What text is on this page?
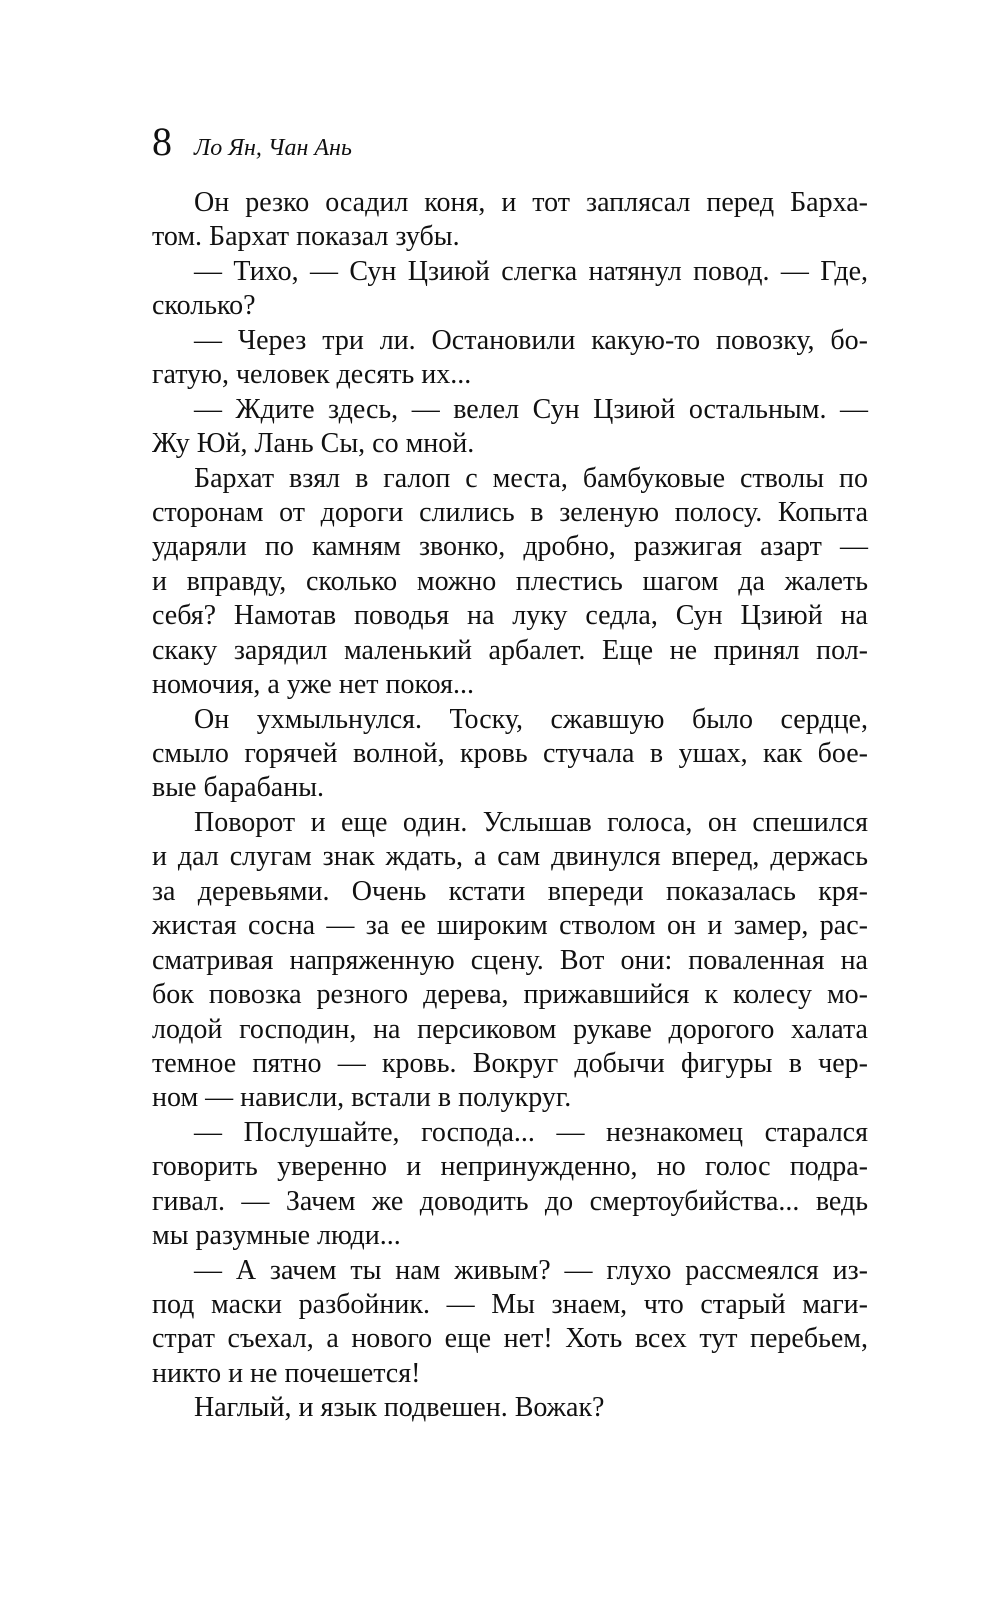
8 Ло Ян, Чан Ань
Он резко осадил коня, и тот заплясал перед Барха-
том. Бархат показал зубы.
— Тихо, — Сун Цзиюй слегка натянул повод. — Где,
сколько?
— Через три ли. Остановили какую-то повозку, бо-
гатую, человек десять их...
— Ждите здесь, — велел Сун Цзиюй остальным. —
Жу Юй, Лань Сы, со мной.
Бархат взял в галоп с места, бамбуковые стволы по
сторонам от дороги слились в зеленую полосу. Копыта
ударяли по камням звонко, дробно, разжигая азарт —
и вправду, сколько можно плестись шагом да жалеть
себя? Намотав поводья на луку седла, Сун Цзиюй на
скаку зарядил маленький арбалет. Еще не принял пол-
номочия, а уже нет покоя...
Он ухмыльнулся. Тоску, сжавшую было сердце,
смыло горячей волной, кровь стучала в ушах, как бое-
вые барабаны.
Поворот и еще один. Услышав голоса, он спешился
и дал слугам знак ждать, а сам двинулся вперед, держась
за деревьями. Очень кстати впереди показалась кря-
жистая сосна — за ее широким стволом он и замер, рас-
сматривая напряженную сцену. Вот они: поваленная на
бок повозка резного дерева, прижавшийся к колесу мо-
лодой господин, на персиковом рукаве дорогого халата
темное пятно — кровь. Вокруг добычи фигуры в чер-
ном — нависли, встали в полукруг.
— Послушайте, господа... — незнакомец старался
говорить уверенно и непринужденно, но голос подра-
гивал. — Зачем же доводить до смертоубийства... ведь
мы разумные люди...
— А зачем ты нам живым? — глухо рассмеялся из-
под маски разбойник. — Мы знаем, что старый маги-
страт съехал, а нового еще нет! Хоть всех тут перебьем,
никто и не почешется!
Наглый, и язык подвешен. Вожак?
